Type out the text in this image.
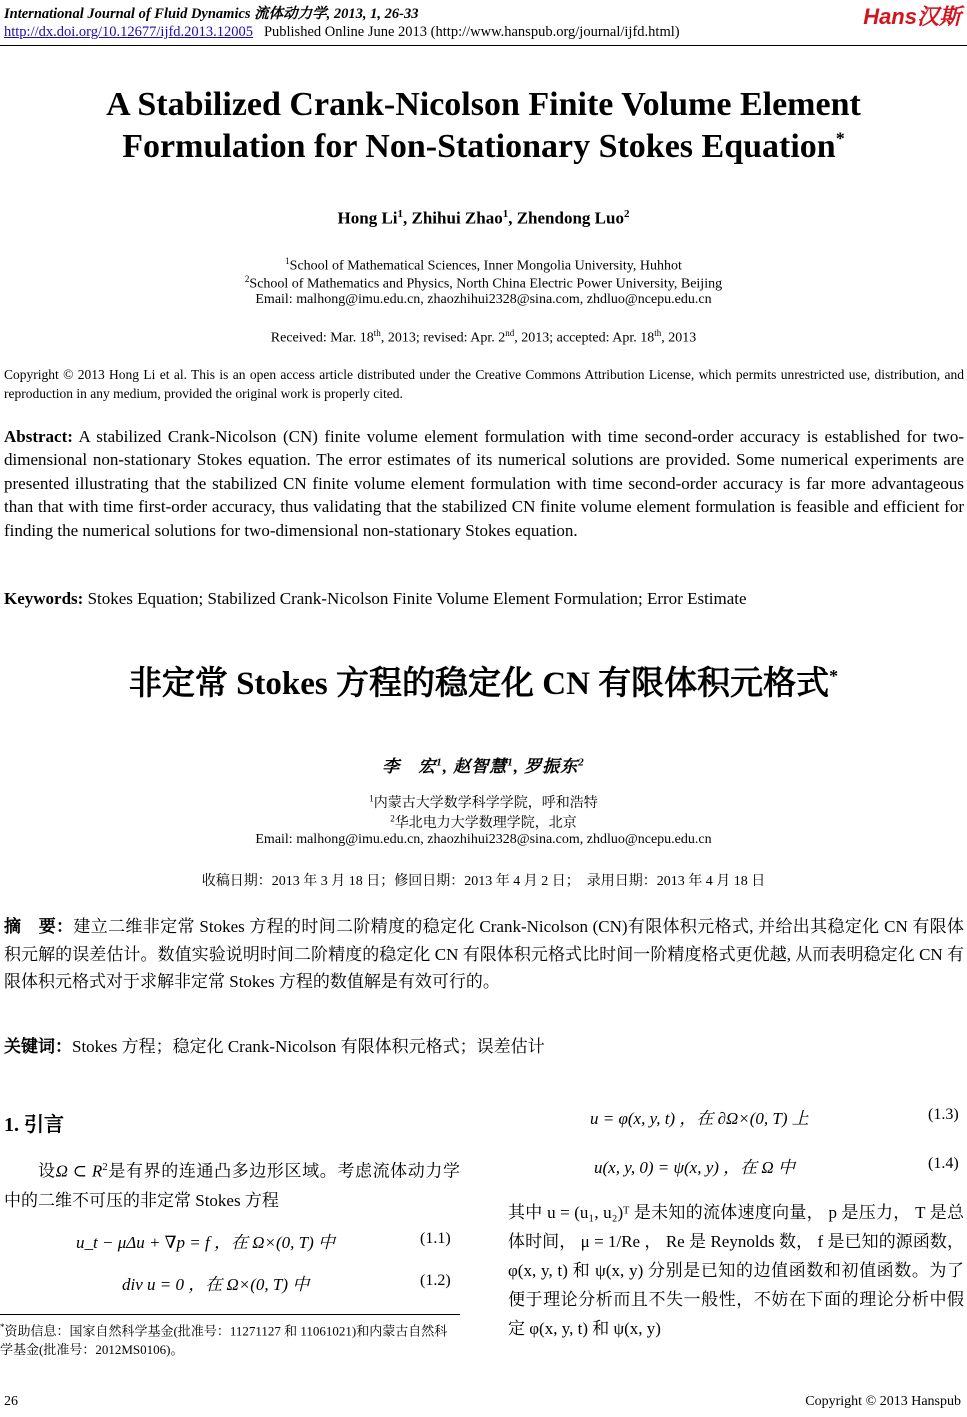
International Journal of Fluid Dynamics 流体动力学, 2013, 1, 26-33
http://dx.doi.org/10.12677/ijfd.2013.12005 Published Online June 2013 (http://www.hanspub.org/journal/ijfd.html)
Hans汉斯
A Stabilized Crank-Nicolson Finite Volume Element
Formulation for Non-Stationary Stokes Equation*
Hong Li$^1$, Zhihui Zhao$^1$, Zhendong Luo$^2$
$^1$School of Mathematical Sciences, Inner Mongolia University, Huhhot
$^2$School of Mathematics and Physics, North China Electric Power University, Beijing
Email: malhong@imu.edu.cn, zhaozhihui2328@sina.com, zhdluo@ncepu.edu.cn
Received: Mar. 18th, 2013; revised: Apr. 2nd, 2013; accepted: Apr. 18th, 2013
Copyright © 2013 Hong Li et al. This is an open access article distributed under the Creative Commons Attribution License, which permits unrestricted use, distribution, and reproduction in any medium, provided the original work is properly cited.
Abstract: A stabilized Crank-Nicolson (CN) finite volume element formulation with time second-order accuracy is established for two-dimensional non-stationary Stokes equation. The error estimates of its numerical solutions are provided. Some numerical experiments are presented illustrating that the stabilized CN finite volume element formulation with time second-order accuracy is far more advantageous than that with time first-order accuracy, thus validating that the stabilized CN finite volume element formulation is feasible and efficient for finding the numerical solutions for two-dimensional non-stationary Stokes equation.
Keywords: Stokes Equation; Stabilized Crank-Nicolson Finite Volume Element Formulation; Error Estimate
非定常 Stokes 方程的稳定化 CN 有限体积元格式*
李　宏$^1$, 赵智慧$^1$, 罗振东$^2$
$^1$内蒙古大学数学科学学院，呼和浩特
$^2$华北电力大学数理学院，北京
Email: malhong@imu.edu.cn, zhaozhihui2328@sina.com, zhdluo@ncepu.edu.cn
收稿日期：2013 年 3 月 18 日；修回日期：2013 年 4 月 2 日；　录用日期：2013 年 4 月 18 日
摘　要：建立二维非定常 Stokes 方程的时间二阶精度的稳定化 Crank-Nicolson (CN)有限体积元格式, 并给出其稳定化 CN 有限体积元解的误差估计。数值实验说明时间二阶精度的稳定化 CN 有限体积元格式比时间一阶精度格式更优越, 从而表明稳定化 CN 有限体积元格式对于求解非定常 Stokes 方程的数值解是有效可行的。
关键词：Stokes 方程；稳定化 Crank-Nicolson 有限体积元格式；误差估计
1. 引言
设Ω ⊂ $R^2$是有界的连通凸多边形区域。考虑流体动力学中的二维不可压的非定常 Stokes 方程
u_t − μΔu + ∇p = f ，在 Ω×(0, T) 中	(1.1)
div u = 0 ，在 Ω×(0, T) 中	(1.2)
u = φ(x, y, t) ，在 ∂Ω×(0, T) 上	(1.3)
u(x, y, 0) = ψ(x, y) ，在 Ω 中	(1.4)
其中 u = (u₁, u₂)ᵀ 是未知的流体速度向量， p 是压力， T 是总体时间， μ = 1/Re ， Re 是 Reynolds 数， f 是已知的源函数，φ(x, y, t) 和 ψ(x, y) 分别是已知的边值函数和初值函数。为了便于理论分析而且不失一般性，不妨在下面的理论分析中假定 φ(x, y, t) 和 ψ(x, y)
*资助信息：国家自然科学基金(批准号：11271127 和 11061021)和内蒙古自然科学基金(批准号：2012MS0106)。
26	Copyright © 2013 Hanspub
